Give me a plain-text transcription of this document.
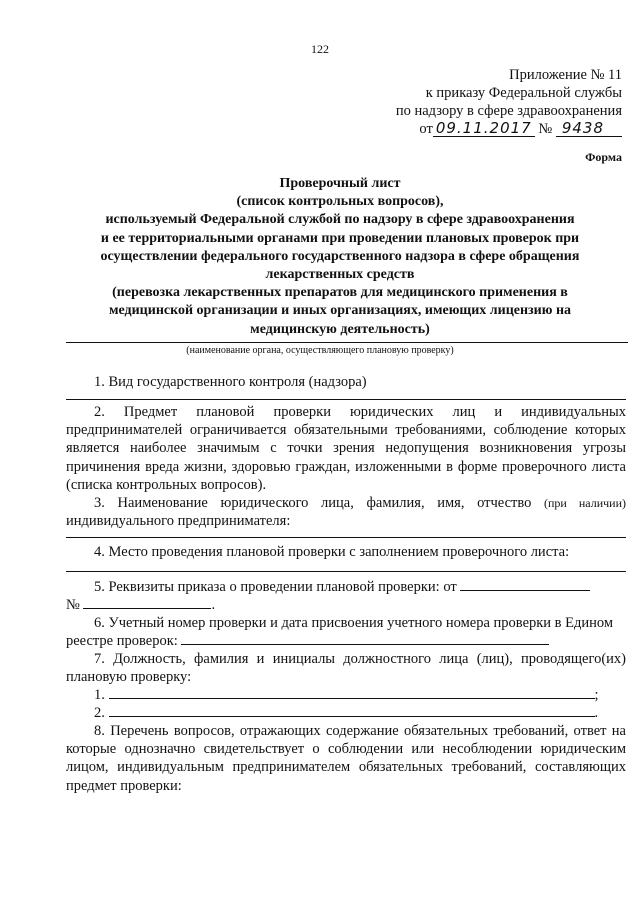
122
Приложение № 11
к приказу Федеральной службы
по надзору в сфере здравоохранения
от 09.11.2017 № 9438
Форма
Проверочный лист
(список контрольных вопросов),
используемый Федеральной службой по надзору в сфере здравоохранения
и ее территориальными органами при проведении плановых проверок при
осуществлении федерального государственного надзора в сфере обращения
лекарственных средств
(перевозка лекарственных препаратов для медицинского применения в
медицинской организации и иных организациях, имеющих лицензию на
медицинскую деятельность)
(наименование органа, осуществляющего плановую проверку)
1. Вид государственного контроля (надзора)
2. Предмет плановой проверки юридических лиц и индивидуальных предпринимателей ограничивается обязательными требованиями, соблюдение которых является наиболее значимым с точки зрения недопущения возникновения угрозы причинения вреда жизни, здоровью граждан, изложенными в форме проверочного листа (списка контрольных вопросов).
3. Наименование юридического лица, фамилия, имя, отчество (при наличии) индивидуального предпринимателя:
4. Место проведения плановой проверки с заполнением проверочного листа:
5. Реквизиты приказа о проведении плановой проверки: от
№	.
6. Учетный номер проверки и дата присвоения учетного номера проверки в Едином
реестре проверок:
7. Должность, фамилия и инициалы должностного лица (лиц), проводящего(их) плановую проверку:
1.	;
2.	.
8. Перечень вопросов, отражающих содержание обязательных требований, ответ на которые однозначно свидетельствует о соблюдении или несоблюдении юридическим лицом, индивидуальным предпринимателем обязательных требований, составляющих предмет проверки:
